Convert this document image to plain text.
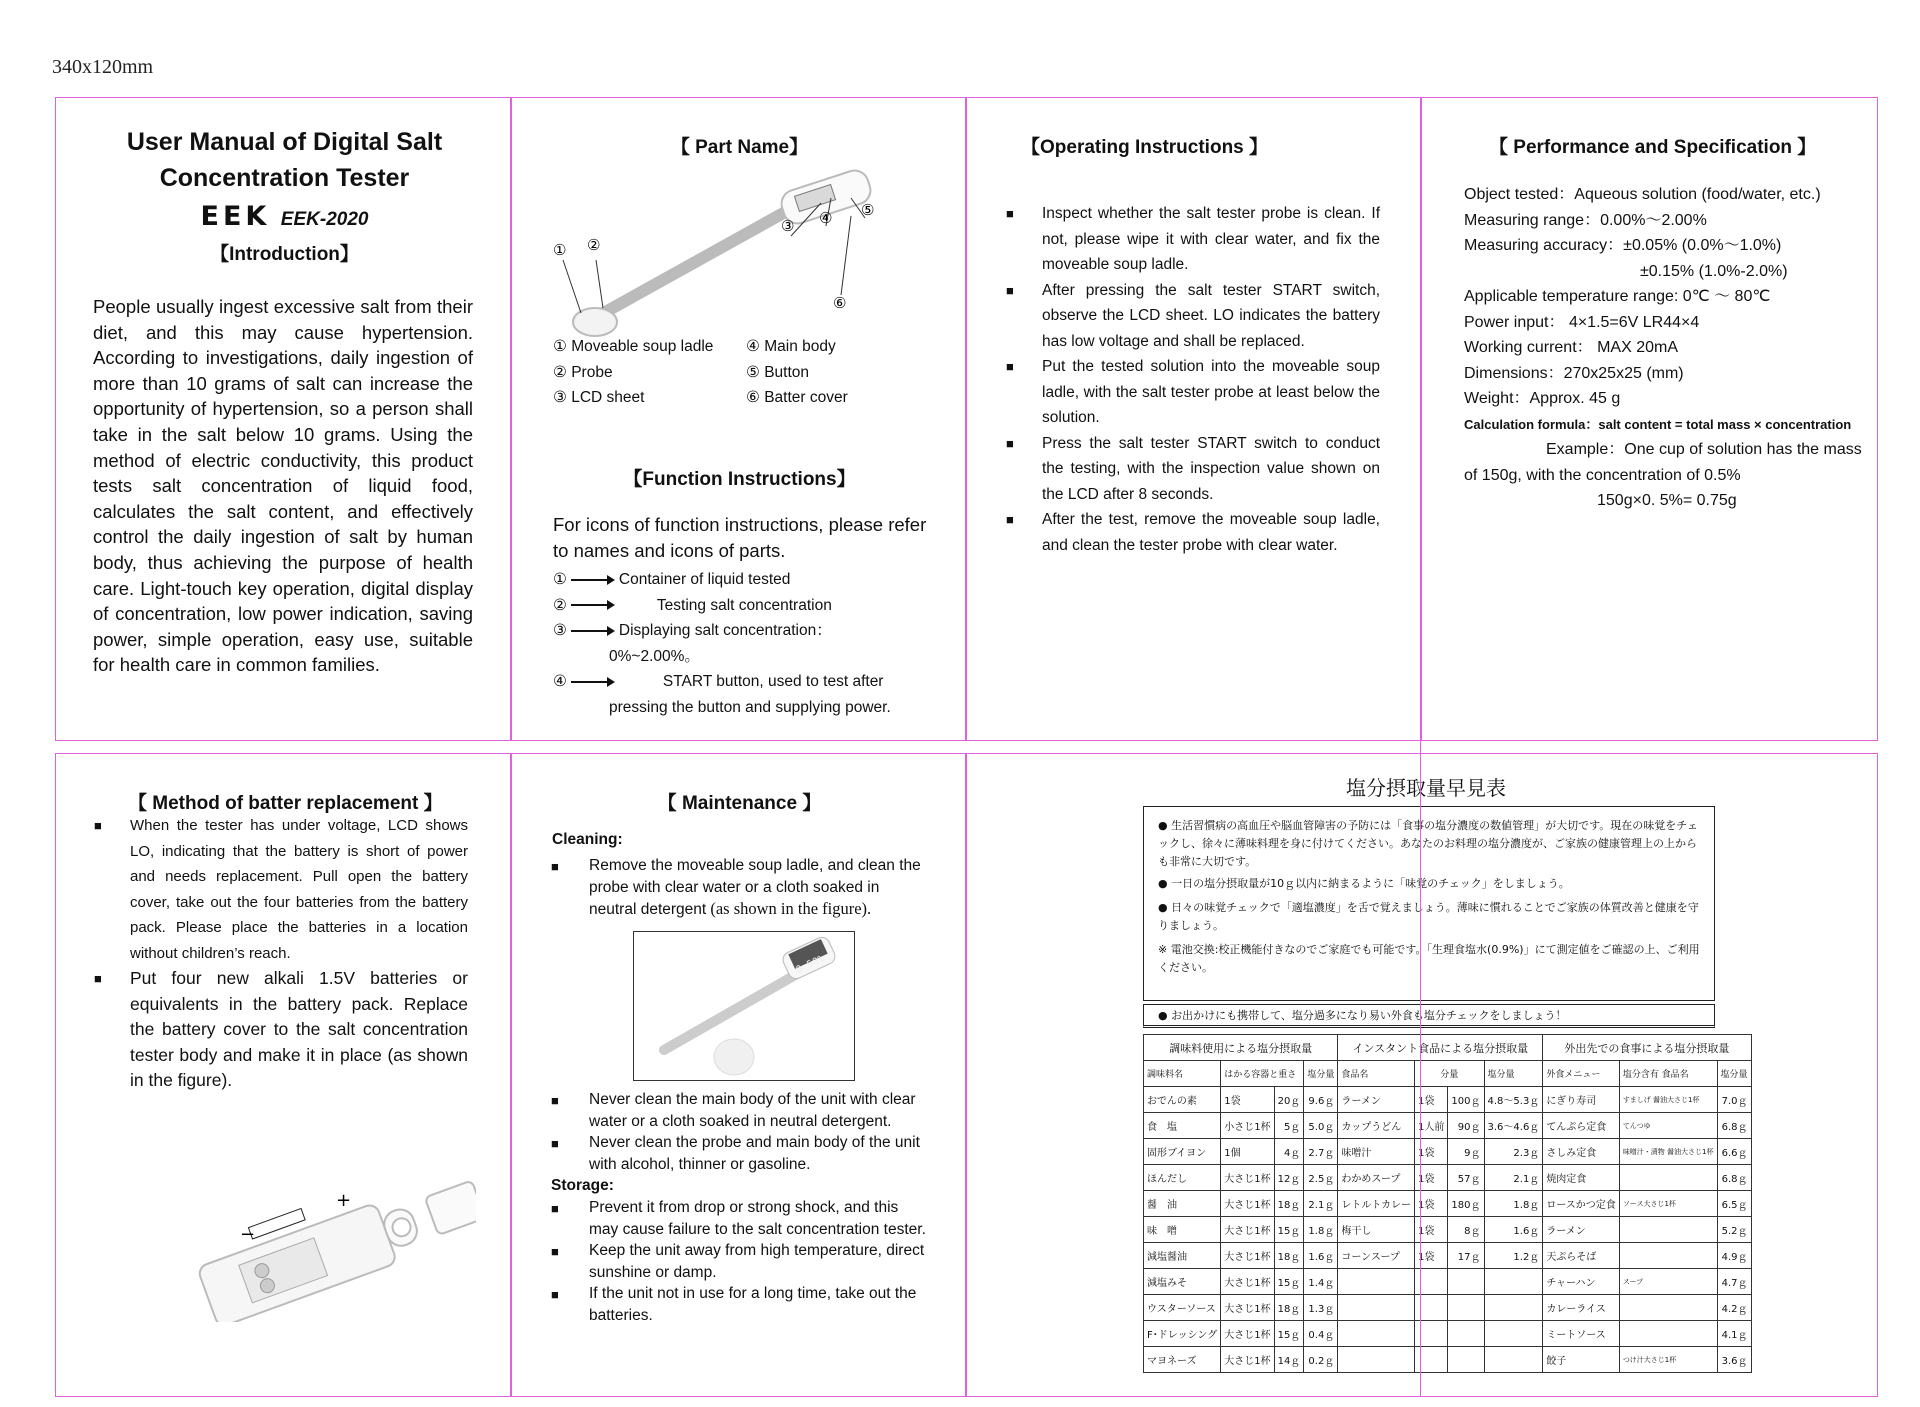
340x120mm
User Manual of Digital Salt
Concentration Tester
EEK EEK-2020
【Introduction】
People usually ingest excessive salt from their diet, and this may cause hypertension. According to investigations, daily ingestion of more than 10 grams of salt can increase the opportunity of hypertension, so a person shall take in the salt below 10 grams. Using the method of electric conductivity, this product tests salt concentration of liquid food, calculates the salt content, and effectively control the daily ingestion of salt by human body, thus achieving the purpose of health care. Light-touch key operation, digital display of concentration, low power indication, saving power, simple operation, easy use, suitable for health care in common families.
【 Part Name】
① ②
③ ④ ⑤
⑥
① Moveable soup ladle	④ Main body
② Probe	⑤ Button
③ LCD sheet	⑥ Batter cover
【Function Instructions】
For icons of function instructions, please refer to names and icons of parts.
①	Container of liquid tested
②	Testing salt concentration
③	Displaying salt concentration：
0%~2.00%。
④	START button, used to test after
pressing the button and supplying power.
【Operating Instructions 】
■	Inspect whether the salt tester probe is clean. If not, please wipe it with clear water, and fix the moveable soup ladle.
■	After pressing the salt tester START switch, observe the LCD sheet. LO indicates the battery has low voltage and shall be replaced.
■	Put the tested solution into the moveable soup ladle, with the salt tester probe at least below the solution.
■	Press the salt tester START switch to conduct the testing, with the inspection value shown on the LCD after 8 seconds.
■	After the test, remove the moveable soup ladle, and clean the tester probe with clear water.
【 Performance and Specification 】
Object tested：Aqueous solution (food/water, etc.)
Measuring range：0.00%～2.00%
Measuring accuracy：±0.05% (0.0%～1.0%)
±0.15% (1.0%-2.0%)
Applicable temperature range: 0℃ ～ 80℃
Power input： 4×1.5=6V LR44×4
Working current： MAX 20mA
Dimensions：270x25x25 (mm)
Weight：Approx. 45 g
Calculation formula：salt content = total mass × concentration
Example：One cup of solution has the mass of 150g, with the concentration of 0.5%
150g×0. 5%= 0.75g
【 Method of batter replacement 】
■	When the tester has under voltage, LCD shows LO, indicating that the battery is short of power and needs replacement. Pull open the battery cover, take out the four batteries from the battery pack. Please place the batteries in a location without children’s reach.
■	Put four new alkali 1.5V batteries or equivalents in the battery pack. Replace the battery cover to the salt concentration tester body and make it in place (as shown in the figure).
−
+
【 Maintenance 】
Cleaning:
■	Remove the moveable soup ladle, and clean the probe with clear water or a cloth soaked in neutral detergent (as shown in the figure).
0.50%
■	Never clean the main body of the unit with clear water or a cloth soaked in neutral detergent.
■	Never clean the probe and main body of the unit with alcohol, thinner or gasoline.
Storage:
■	Prevent it from drop or strong shock, and this may cause failure to the salt concentration tester.
■	Keep the unit away from high temperature, direct sunshine or damp.
■	If the unit not in use for a long time, take out the batteries.
塩分摂取量早見表
● 生活習慣病の高血圧や脳血管障害の予防には「食事の塩分濃度の数値管理」が大切です。現在の味覚をチェックし、徐々に薄味料理を身に付けてください。あなたのお料理の塩分濃度が、ご家族の健康管理上の上からも非常に大切です。
● 一日の塩分摂取量が10ｇ以内に納まるように「味覚のチェック」をしましょう。
● 日々の味覚チェックで「適塩濃度」を舌で覚えましょう。薄味に慣れることでご家族の体質改善と健康を守りましょう。
※ 電池交換:校正機能付きなのでご家庭でも可能です。「生理食塩水(0.9%)」にて測定値をご確認の上、ご利用ください。
● お出かけにも携帯して、塩分過多になり易い外食も塩分チェックをしましょう！
調味料使用による塩分摂取量				インスタント食品による塩分摂取量				外出先での食事による塩分摂取量		
調味料名	はかる容器と重さ		塩分量	食品名	分量		塩分量	外食メニュー	塩分含有 食品名	塩分量
おでんの素	1袋	20ｇ	9.6ｇ	ラーメン	1袋	100ｇ	4.8〜5.3ｇ	にぎり寿司	すましげ 醤油大さじ1杯	7.0ｇ
食　塩	小さじ1杯	5ｇ	5.0ｇ	カップうどん	1人前	90ｇ	3.6〜4.6ｇ	てんぷら定食	てんつゆ	6.8ｇ
固形ブイヨン	1個	4ｇ	2.7ｇ	味噌汁	1袋	9ｇ	2.3ｇ	さしみ定食	味噌汁・漬物 醤油大さじ1杯	6.6ｇ
ほんだし	大さじ1杯	12ｇ	2.5ｇ	わかめスープ	1袋	57ｇ	2.1ｇ	焼肉定食		6.8ｇ
醤　油	大さじ1杯	18ｇ	2.1ｇ	レトルトカレー	1袋	180ｇ	1.8ｇ	ロースかつ定食	ソース大さじ1杯	6.5ｇ
味　噌	大さじ1杯	15ｇ	1.8ｇ	梅干し	1袋	8ｇ	1.6ｇ	ラーメン		5.2ｇ
減塩醤油	大さじ1杯	18ｇ	1.6ｇ	コーンスープ	1袋	17ｇ	1.2ｇ	天ぷらそば		4.9ｇ
減塩みそ	大さじ1杯	15ｇ	1.4ｇ					チャーハン	スープ	4.7ｇ
ウスターソース	大さじ1杯	18ｇ	1.3ｇ					カレーライス		4.2ｇ
F･ドレッシング	大さじ1杯	15ｇ	0.4ｇ					ミートソース		4.1ｇ
マヨネーズ	大さじ1杯	14ｇ	0.2ｇ					餃子	つけ汁大さじ1杯	3.6ｇ
